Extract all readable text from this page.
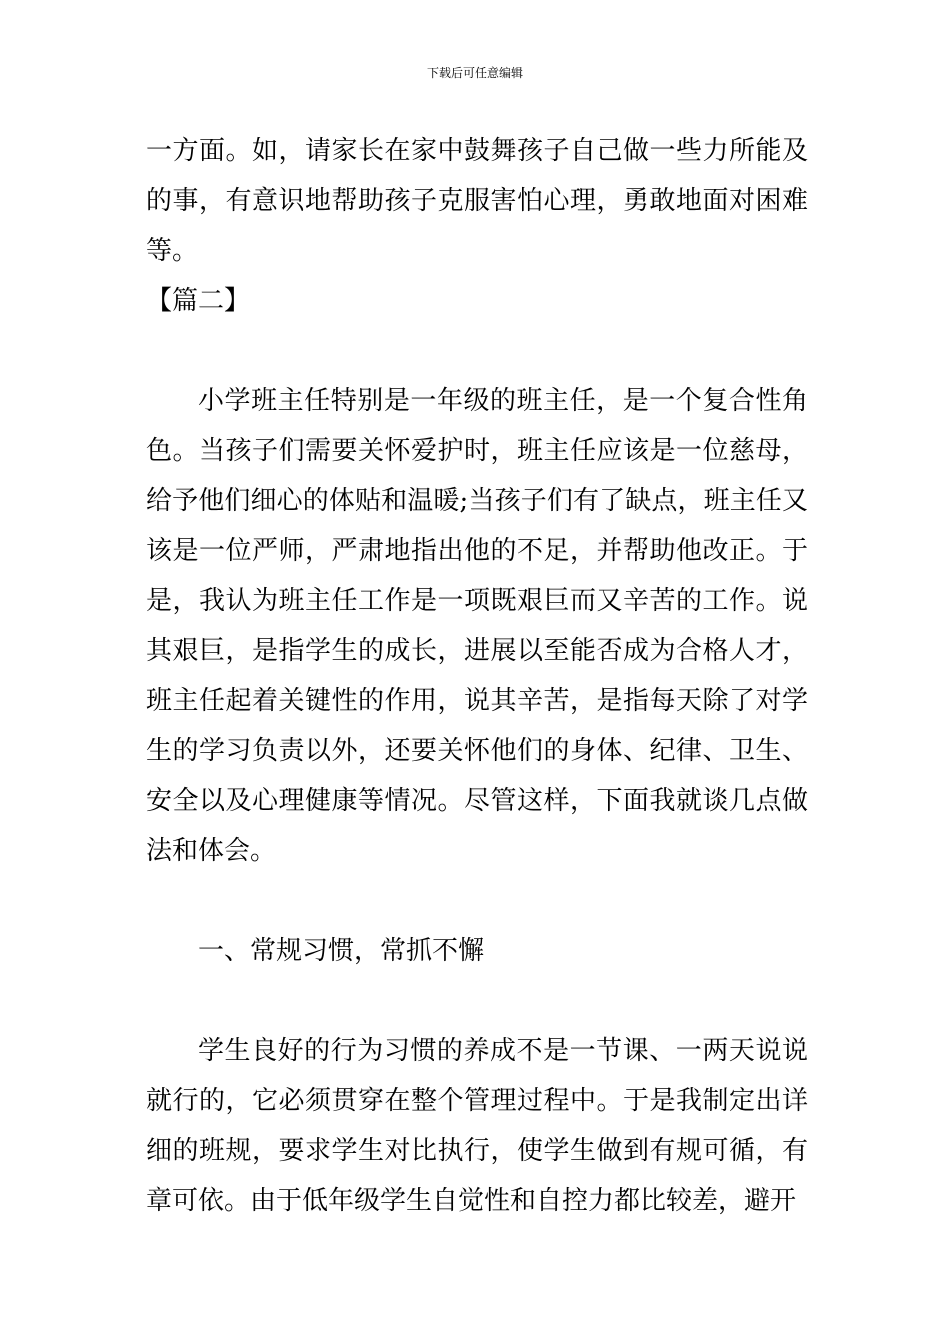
下载后可任意编辑

一方面。如，请家长在家中鼓舞孩子自己做一些力所能及的事，有意识地帮助孩子克服害怕心理，勇敢地面对困难等。

【篇二】

小学班主任特别是一年级的班主任，是一个复合性角色。当孩子们需要关怀爱护时，班主任应该是一位慈母，给予他们细心的体贴和温暖;当孩子们有了缺点，班主任又该是一位严师，严肃地指出他的不足，并帮助他改正。于是，我认为班主任工作是一项既艰巨而又辛苦的工作。说其艰巨，是指学生的成长，进展以至能否成为合格人才，班主任起着关键性的作用，说其辛苦，是指每天除了对学生的学习负责以外，还要关怀他们的身体、纪律、卫生、安全以及心理健康等情况。尽管这样，下面我就谈几点做法和体会。

一、常规习惯，常抓不懈

学生良好的行为习惯的养成不是一节课、一两天说说就行的，它必须贯穿在整个管理过程中。于是我制定出详细的班规，要求学生对比执行，使学生做到有规可循，有章可依。由于低年级学生自觉性和自控力都比较差，避开
